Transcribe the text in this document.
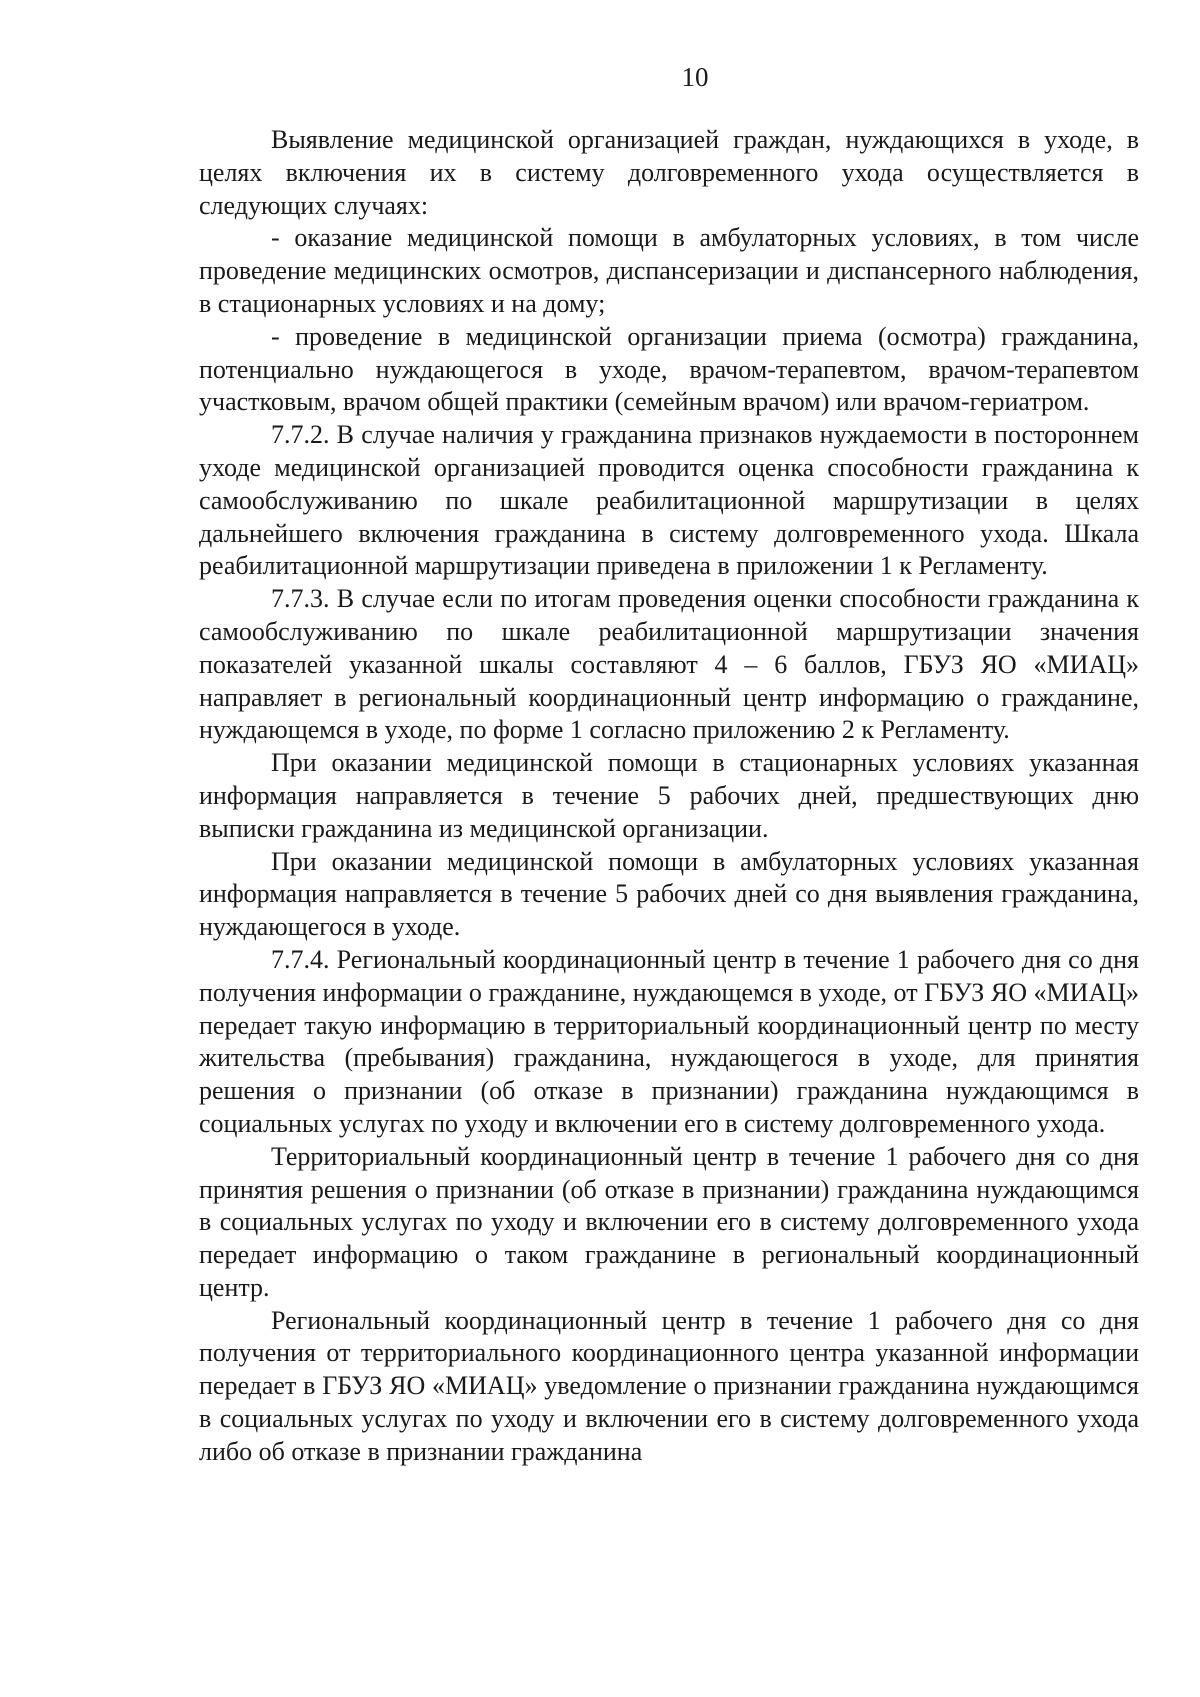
10

Выявление медицинской организацией граждан, нуждающихся в уходе, в целях включения их в систему долговременного ухода осуществляется в следующих случаях:

- оказание медицинской помощи в амбулаторных условиях, в том числе проведение медицинских осмотров, диспансеризации и диспансерного наблюдения, в стационарных условиях и на дому;

- проведение в медицинской организации приема (осмотра) гражданина, потенциально нуждающегося в уходе, врачом-терапевтом, врачом-терапевтом участковым, врачом общей практики (семейным врачом) или врачом-гериатром.

7.7.2. В случае наличия у гражданина признаков нуждаемости в постороннем уходе медицинской организацией проводится оценка способности гражданина к самообслуживанию по шкале реабилитационной маршрутизации в целях дальнейшего включения гражданина в систему долговременного ухода. Шкала реабилитационной маршрутизации приведена в приложении 1 к Регламенту.

7.7.3. В случае если по итогам проведения оценки способности гражданина к самообслуживанию по шкале реабилитационной маршрутизации значения показателей указанной шкалы составляют 4 – 6 баллов, ГБУЗ ЯО «МИАЦ» направляет в региональный координационный центр информацию о гражданине, нуждающемся в уходе, по форме 1 согласно приложению 2 к Регламенту.

При оказании медицинской помощи в стационарных условиях указанная информация направляется в течение 5 рабочих дней, предшествующих дню выписки гражданина из медицинской организации.

При оказании медицинской помощи в амбулаторных условиях указанная информация направляется в течение 5 рабочих дней со дня выявления гражданина, нуждающегося в уходе.

7.7.4. Региональный координационный центр в течение 1 рабочего дня со дня получения информации о гражданине, нуждающемся в уходе, от ГБУЗ ЯО «МИАЦ» передает такую информацию в территориальный координационный центр по месту жительства (пребывания) гражданина, нуждающегося в уходе, для принятия решения о признании (об отказе в признании) гражданина нуждающимся в социальных услугах по уходу и включении его в систему долговременного ухода.

Территориальный координационный центр в течение 1 рабочего дня со дня принятия решения о признании (об отказе в признании) гражданина нуждающимся в социальных услугах по уходу и включении его в систему долговременного ухода передает информацию о таком гражданине в региональный координационный центр.

Региональный координационный центр в течение 1 рабочего дня со дня получения от территориального координационного центра указанной информации передает в ГБУЗ ЯО «МИАЦ» уведомление о признании гражданина нуждающимся в социальных услугах по уходу и включении его в систему долговременного ухода либо об отказе в признании гражданина
